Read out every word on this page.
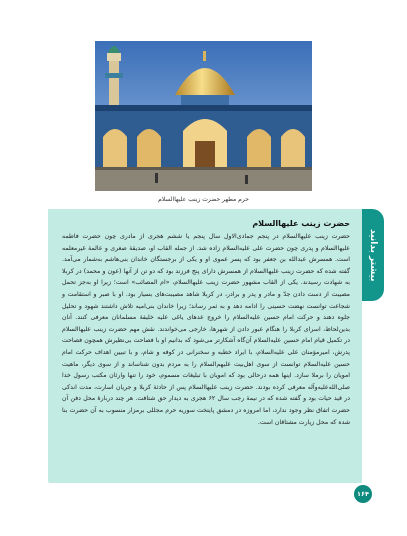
حرم مطهر حضرت زینب علیهاالسلام
حضرت زینب علیهاالسلام

حضرت زینب علیهاالسلام در پنجم جمادی‌الاول سال پنجم یا ششم هجری از مادری چون حضرت فاطمه علیهاالسلام و پدری چون حضرت علی علیه‌السلام زاده شد. از جمله القاب او، صدیقهٔ صغری و عالمهٔ غیرمعلمه است. همسرش عبدالله بن جعفر بود که پسر عموی او و یکی از برجستگان خاندان بنی‌هاشم به‌شمار می‌آمد. گفته شده که حضرت زینب علیهاالسلام از همسرش دارای پنج فرزند بود که دو تن از آنها (عون و محمد) در کربلا به شهادت رسیدند. یکی از القاب مشهور حضرت زینب علیهاالسلام، «ام المصائب» است؛ زیرا او به‌جز تحمل مصیبت از دست دادن جدّ و مادر و پدر و برادر، در کربلا شاهد مصیبت‌های بسیار بود. او با صبر و استقامت و شجاعت توانست نهضت حسینی را ادامه دهد و به ثمر رساند؛ زیرا خاندان بنی‌امیه تلاش داشتند شهود و تحلیل جلوه دهند و حرکت امام حسین علیه‌السلام را خروج عدهای یاغی علیه خلیفهٔ مسلمانان معرفی کنند. آنان بدین‌لحاظ، اسرای کربلا را هنگام عبور دادن از شهرها، خارجی می‌خواندند. نقش مهم حضرت زینب علیهاالسلام در تکمیل قیام امام حسین علیه‌السلام آن‌گاه آشکارتر می‌شود که بدانیم او با فصاحت بی‌نظیرش همچون فصاحت پدرش، امیرمؤمنان علی علیه‌السلام، با ایراد خطبه و سخنرانی در کوفه و شام، و با تبیین اهداف حرکت امام حسین علیه‌السلام توانست از سوی اهل‌بیت علیهم‌السلام را به مردم بدون شناساند و از سوی دیگر، ماهیت امویان را برملا سازد. اینها همه درحالی بود که امویان با تبلیغات مسموم، خود را تنها وارثان مکتب رسول خدا صلی‌الله‌علیه‌وآله معرفی کرده بودند. حضرت زینب علیهاالسلام پس از حادثهٔ کربلا و جریان اسارت، مدت اندکی در قید حیات بود و گفته شده که در نیمهٔ رجب سال ۶۲ هجری به دیدار حق شتافت. هر چند دربارهٔ محل دفن آن حضرت اتفاق نظر وجود ندارد، اما امروزه در دمشق پایتخت سوریه حرم مجللی برمزار منسوب به آن حضرت بنا شده که محل زیارت مشتاقان است.

بیشتر بدانید
۱۶۴
